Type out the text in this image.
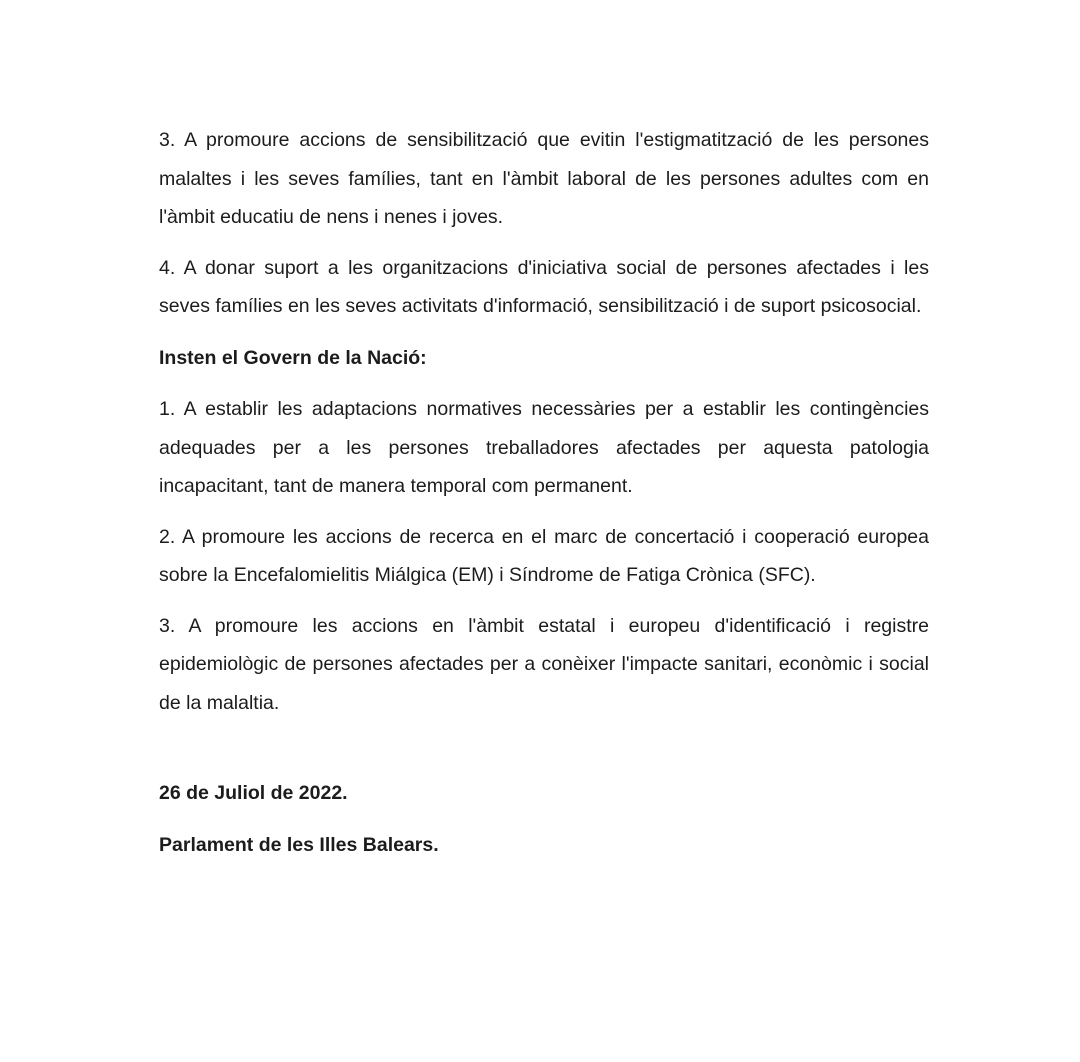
3. A promoure accions de sensibilització que evitin l'estigmatització de les persones malaltes i les seves famílies, tant en l'àmbit laboral de les persones adultes com en l'àmbit educatiu de nens i nenes i joves.

4. A donar suport a les organitzacions d'iniciativa social de persones afectades i les seves famílies en les seves activitats d'informació, sensibilització i de suport psicosocial.

Insten el Govern de la Nació:

1. A establir les adaptacions normatives necessàries per a establir les contingències adequades per a les persones treballadores afectades per aquesta patologia incapacitant, tant de manera temporal com permanent.

2. A promoure les accions de recerca en el marc de concertació i cooperació europea sobre la Encefalomielitis Miálgica (EM) i Síndrome de Fatiga Crònica (SFC).

3. A promoure les accions en l'àmbit estatal i europeu d'identificació i registre epidemiològic de persones afectades per a conèixer l'impacte sanitari, econòmic i social de la malaltia.

26 de Juliol de 2022.

Parlament de les Illes Balears.
